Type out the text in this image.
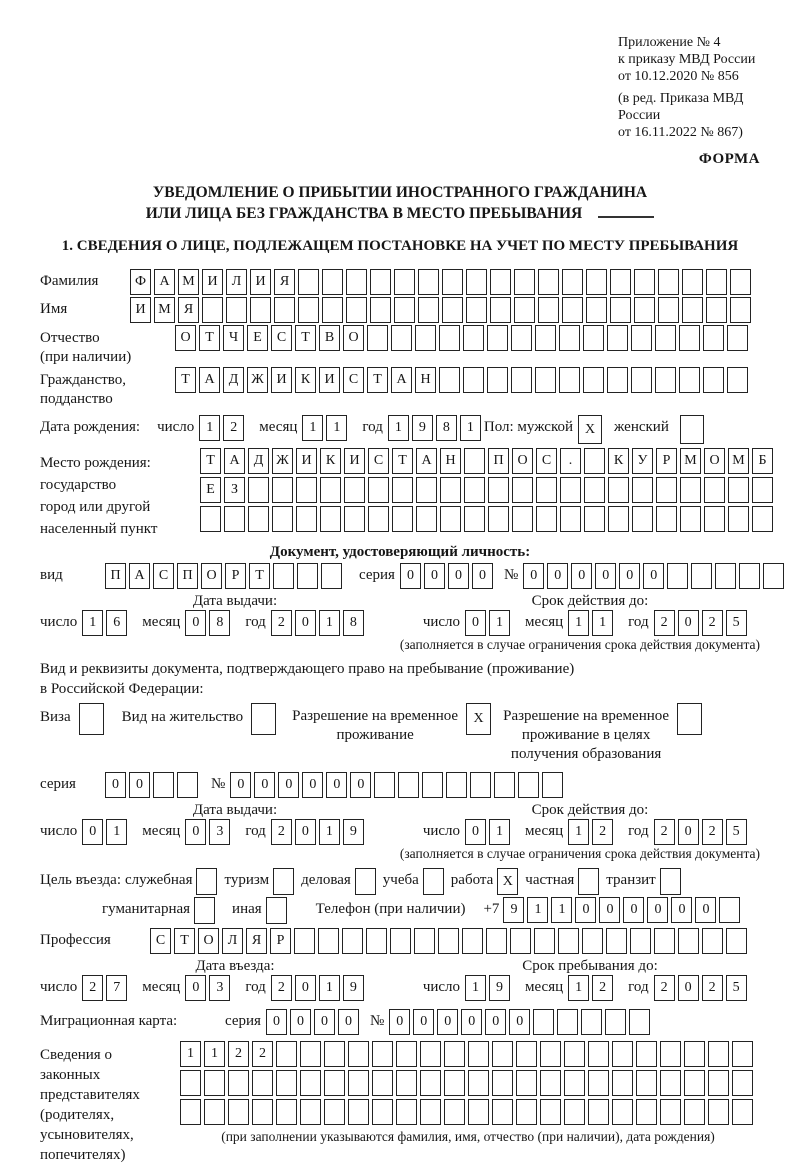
Приложение № 4
к приказу МВД России
от 10.12.2020 № 856
(в ред. Приказа МВД России
от 16.11.2022 № 867)
ФОРМА
УВЕДОМЛЕНИЕ О ПРИБЫТИИ ИНОСТРАННОГО ГРАЖДАНИНА
ИЛИ ЛИЦА БЕЗ ГРАЖДАНСТВА В МЕСТО ПРЕБЫВАНИЯ
1. СВЕДЕНИЯ О ЛИЦЕ, ПОДЛЕЖАЩЕМ ПОСТАНОВКЕ НА УЧЕТ ПО МЕСТУ ПРЕБЫВАНИЯ
Фамилия	Ф А М И	Л	И	Я
Имя	И М Я
Отчество
(при наличии)
О	Т	Ч	Е	С	Т	В	О
Гражданство,
подданство
Т	А	Д Ж И	К	И	С	Т	А Н
Дата рождения: число 1	2	месяц 1	1	год 1	9	8	1 Пол: мужской X	женский
Место рождения:
государство
город или другой
населенный пункт
Т	А	Д Ж И	К	И	С	Т	А Н	П О	С	.	К	У	Р М О М Б
Е	З
Документ, удостоверяющий личность:
вид	П А	С	П О	Р	Т	серия 0	0	0	0	№ 0	0	0	0	0	0
Дата выдачи:	Срок действия до:
число 1	6	месяц 0	8	год 2	0	1	8	число 0	1	месяц 1	1	год 2	0	2	5
(заполняется в случае ограничения срока действия документа)
Вид и реквизиты документа, подтверждающего право на пребывание (проживание)
в Российской Федерации:
Виза	Вид на жительство	Разрешение на временное проживание
X	Разрешение на временное проживание в целях получения образования
серия	0	0	№ 0	0	0	0	0	0
Дата выдачи:	Срок действия до:
число 0	1	месяц 0	3	год 2	0	1	9	число 0	1	месяц 1	2	год 2	0	2	5
(заполняется в случае ограничения срока действия документа)
Цель въезда: служебная туризм деловая учеба работа X частная транзит
гуманитарная	иная	Телефон (при наличии) +7 9	1	1	0	0	0	0	0	0
Профессия	С	Т	О	Л	Я	Р
Дата въезда:	Срок пребывания до:
число 2	7	месяц 0	3	год 2	0	1	9	число 1	9	месяц 1	2	год 2	0	2	5
Миграционная карта:	серия 0	0	0	0	№ 0	0	0	0	0	0
Сведения о
законных
представителях
(родителях,
усыновителях,
попечителях)
1	1	2	2
(при заполнении указываются фамилия, имя, отчество (при наличии), дата рождения)
